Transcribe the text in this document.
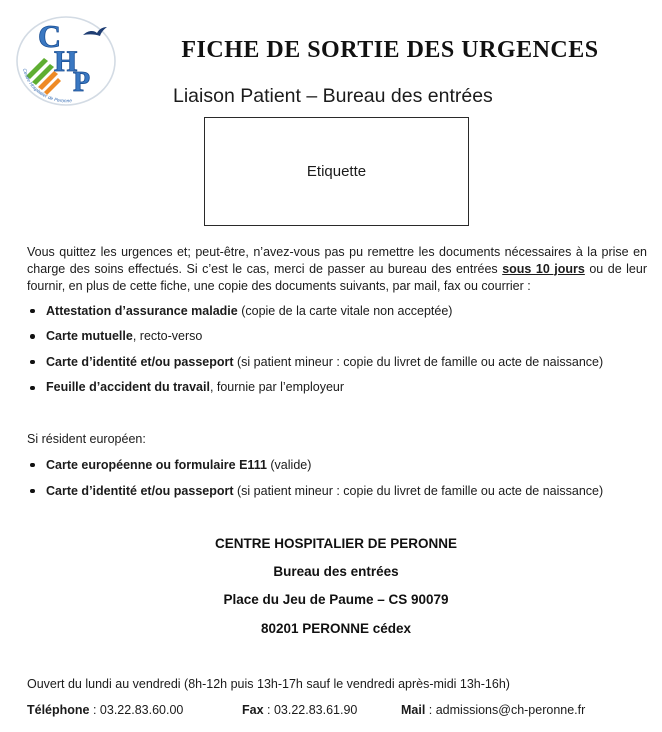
C
H
P
Centre Hospitalier de Peronne
FICHE DE SORTIE DES URGENCES
Liaison Patient – Bureau des entrées
Etiquette
Vous quittez les urgences et; peut-être, n’avez-vous pas pu remettre les documents nécessaires à la prise en
charge des soins effectués. Si c’est le cas, merci de passer au bureau des entrées sous 10 jours ou de leur
fournir, en plus de cette fiche, une copie des documents suivants, par mail, fax ou courrier :
Attestation d’assurance maladie (copie de la carte vitale non acceptée)
Carte mutuelle, recto-verso
Carte d’identité et/ou passeport (si patient mineur : copie du livret de famille ou acte de naissance)
Feuille d’accident du travail, fournie par l’employeur
Si résident européen:
Carte européenne ou formulaire E111 (valide)
Carte d’identité et/ou passeport (si patient mineur : copie du livret de famille ou acte de naissance)
CENTRE HOSPITALIER DE PERONNE
Bureau des entrées
Place du Jeu de Paume – CS 90079
80201 PERONNE cédex
Ouvert du lundi au vendredi (8h-12h puis 13h-17h sauf le vendredi après-midi 13h-16h)
Téléphone : 03.22.83.60.00	Fax : 03.22.83.61.90	Mail : admissions@ch-peronne.fr
